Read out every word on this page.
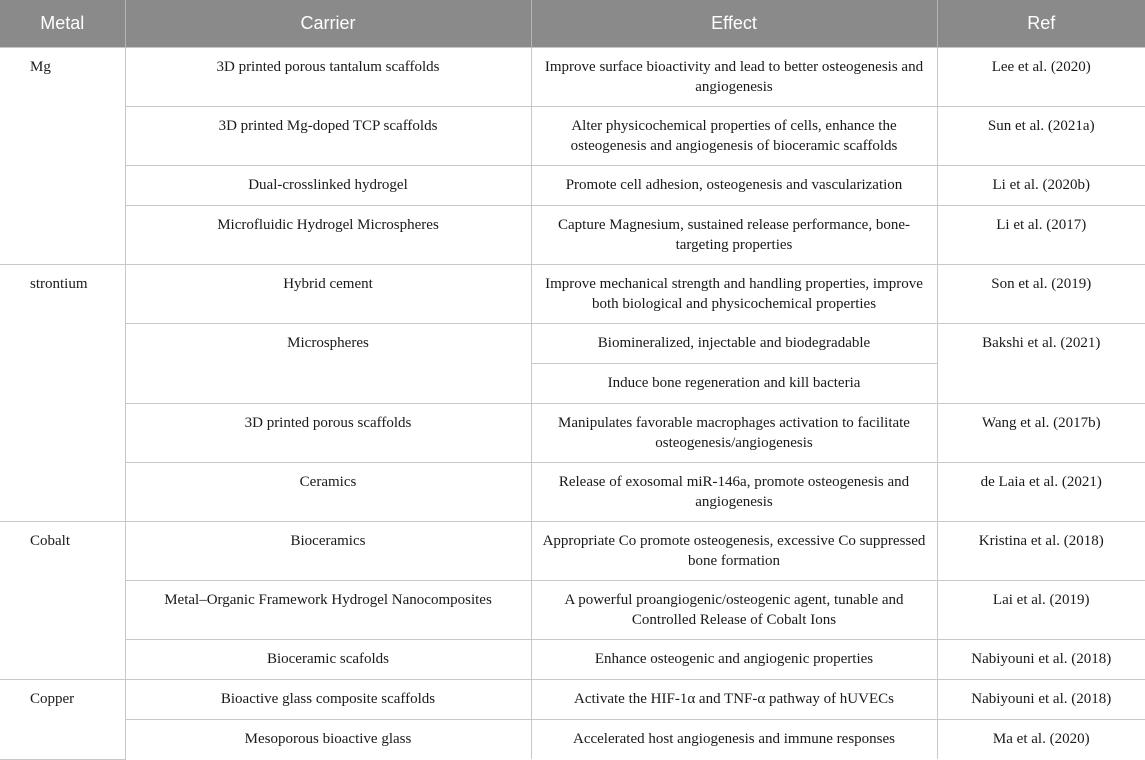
Metal	Carrier	Effect	Ref
Mg	3D printed porous tantalum scaffolds	Improve surface bioactivity and lead to better osteogenesis and angiogenesis	Lee et al. (2020)
	3D printed Mg-doped TCP scaffolds	Alter physicochemical properties of cells, enhance the osteogenesis and angiogenesis of bioceramic scaffolds	Sun et al. (2021a)
	Dual-crosslinked hydrogel	Promote cell adhesion, osteogenesis and vascularization	Li et al. (2020b)
	Microfluidic Hydrogel Microspheres	Capture Magnesium, sustained release performance, bone-targeting properties	Li et al. (2017)
strontium	Hybrid cement	Improve mechanical strength and handling properties, improve both biological and physicochemical properties	Son et al. (2019)
	Microspheres	Biomineralized, injectable and biodegradable	Bakshi et al. (2021)
		Induce bone regeneration and kill bacteria	
	3D printed porous scaffolds	Manipulates favorable macrophages activation to facilitate osteogenesis/angiogenesis	Wang et al. (2017b)
	Ceramics	Release of exosomal miR-146a, promote osteogenesis and angiogenesis	de Laia et al. (2021)
Cobalt	Bioceramics	Appropriate Co promote osteogenesis, excessive Co suppressed bone formation	Kristina et al. (2018)
	Metal–Organic Framework Hydrogel Nanocomposites	A powerful proangiogenic/osteogenic agent, tunable and Controlled Release of Cobalt Ions	Lai et al. (2019)
	Bioceramic scafolds	Enhance osteogenic and angiogenic properties	Nabiyouni et al. (2018)
Copper	Bioactive glass composite scaffolds	Activate the HIF-1α and TNF-α pathway of hUVECs	Nabiyouni et al. (2018)
	Mesoporous bioactive glass	Accelerated host angiogenesis and immune responses	Ma et al. (2020)
